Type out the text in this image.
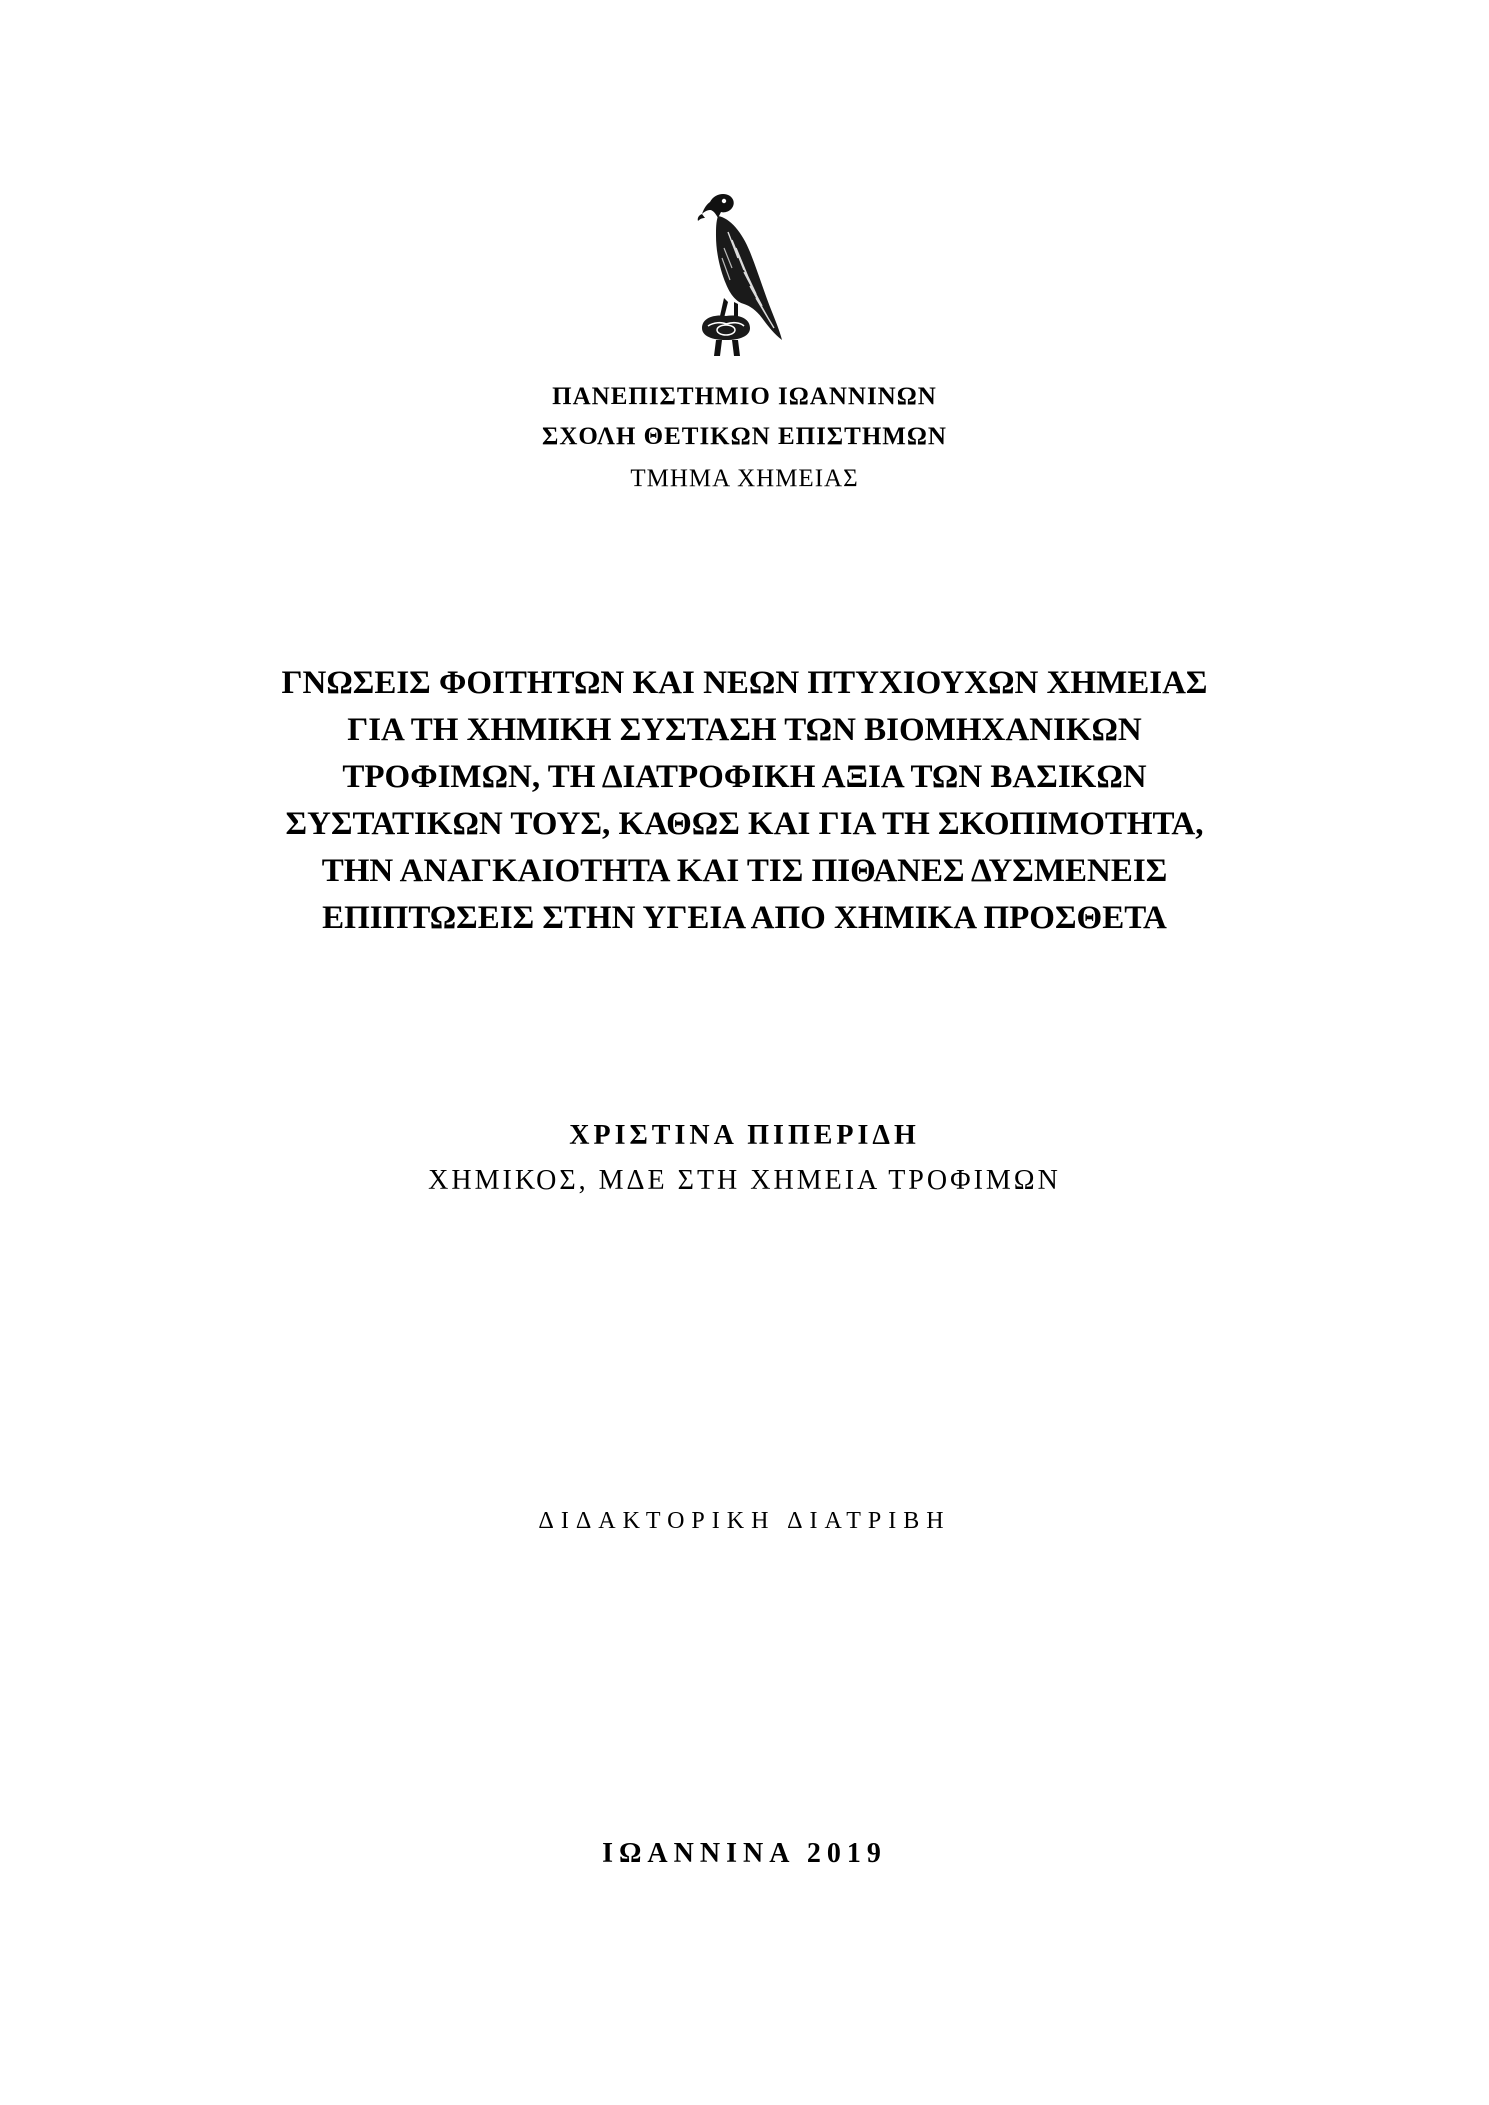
ΠΑΝΕΠΙΣΤΗΜΙΟ ΙΩΑΝΝΙΝΩΝ
ΣΧΟΛΗ ΘΕΤΙΚΩΝ ΕΠΙΣΤΗΜΩΝ
ΤΜΗΜΑ ΧΗΜΕΙΑΣ
ΓΝΩΣΕΙΣ ΦΟΙΤΗΤΩΝ ΚΑΙ ΝΕΩΝ ΠΤΥΧΙΟΥΧΩΝ ΧΗΜΕΙΑΣ
ΓΙΑ ΤΗ ΧΗΜΙΚΗ ΣΥΣΤΑΣΗ ΤΩΝ ΒΙΟΜΗΧΑΝΙΚΩΝ
ΤΡΟΦΙΜΩΝ, ΤΗ ΔΙΑΤΡΟΦΙΚΗ ΑΞΙΑ ΤΩΝ ΒΑΣΙΚΩΝ
ΣΥΣΤΑΤΙΚΩΝ ΤΟΥΣ, ΚΑΘΩΣ ΚΑΙ ΓΙΑ ΤΗ ΣΚΟΠΙΜΟΤΗΤΑ,
ΤΗΝ ΑΝΑΓΚΑΙΟΤΗΤΑ ΚΑΙ ΤΙΣ ΠΙΘΑΝΕΣ ΔΥΣΜΕΝΕΙΣ
ΕΠΙΠΤΩΣΕΙΣ ΣΤΗΝ ΥΓΕΙΑ ΑΠΟ ΧΗΜΙΚΑ ΠΡΟΣΘΕΤΑ
ΧΡΙΣΤΙΝΑ ΠΙΠΕΡΙΔΗ
ΧΗΜΙΚΟΣ, ΜΔΕ ΣΤΗ ΧΗΜΕΙΑ ΤΡΟΦΙΜΩΝ
ΔΙΔΑΚΤΟΡΙΚΗ ΔΙΑΤΡΙΒΗ
ΙΩΑΝΝΙΝΑ 2019
